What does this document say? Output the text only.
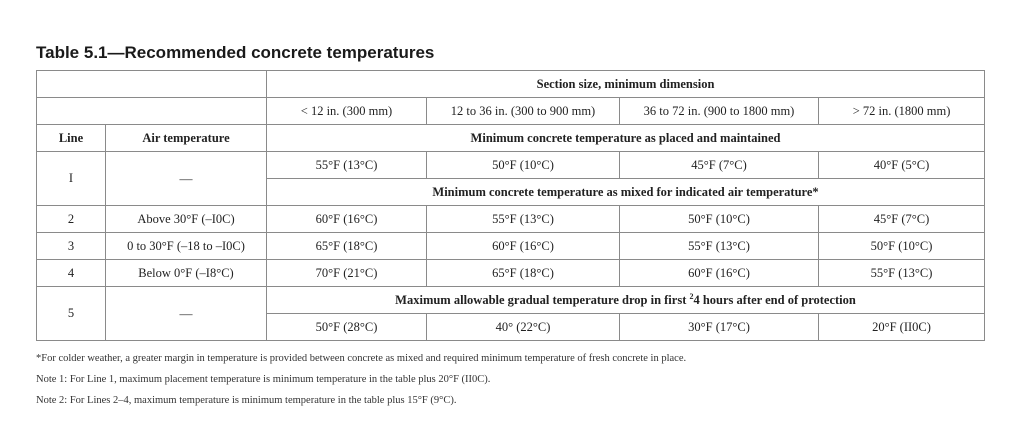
Table 5.1—Recommended concrete temperatures
		Section size, minimum dimension			
		< 12 in. (300 mm)	12 to 36 in. (300 to 900 mm)	36 to 72 in. (900 to 1800 mm)	> 72 in. (1800 mm)
Line	Air temperature	Minimum concrete temperature as placed and maintained			
I	—	55°F (13°C)	50°F (10°C)	45°F (7°C)	40°F (5°C)
		Minimum concrete temperature as mixed for indicated air temperature*			
2	Above 30°F (–I0C)	60°F (16°C)	55°F (13°C)	50°F (10°C)	45°F (7°C)
3	0 to 30°F (–18 to –I0C)	65°F (18°C)	60°F (16°C)	55°F (13°C)	50°F (10°C)
4	Below 0°F (–I8°C)	70°F (21°C)	65°F (18°C)	60°F (16°C)	55°F (13°C)
5	—	Maximum allowable gradual temperature drop in first $^2$4 hours after end of protection			
		50°F (28°C)	40° (22°C)	30°F (17°C)	20°F (II0C)
*For colder weather, a greater margin in temperature is provided between concrete as mixed and required minimum temperature of fresh concrete in place.
Note 1: For Line 1, maximum placement temperature is minimum temperature in the table plus 20°F (II0C).
Note 2: For Lines 2–4, maximum temperature is minimum temperature in the table plus 15°F (9°C).
